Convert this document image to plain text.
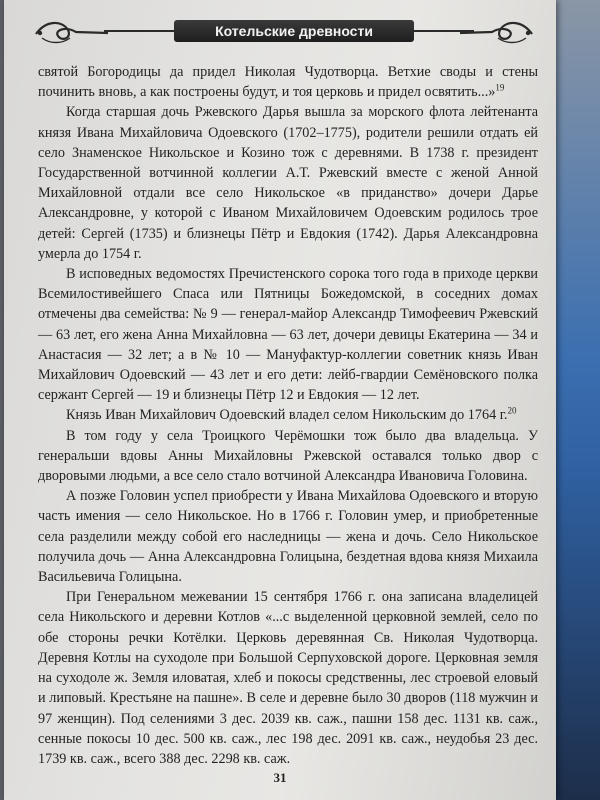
Котельские древности

святой Богородицы да придел Николая Чудотворца. Ветхие своды и стены починить вновь, а как построены будут, и тоя церковь и придел освятить...»$^{19}$

Когда старшая дочь Ржевского Дарья вышла за морского флота лейтенанта князя Ивана Михайловича Одоевского (1702–1775), родители решили отдать ей село Знаменское Никольское и Козино тож с деревнями. В 1738 г. президент Государственной вотчинной коллегии А.Т. Ржевский вместе с женой Анной Михайловной отдали все село Никольское «в приданство» дочери Дарье Александровне, у которой с Иваном Михайловичем Одоевским родилось трое детей: Сергей (1735) и близнецы Пётр и Евдокия (1742). Дарья Александровна умерла до 1754 г.

В исповедных ведомостях Пречистенского сорока того года в приходе церкви Всемилостивейшего Спаса или Пятницы Божедомской, в соседних домах отмечены два семейства: № 9 — генерал-майор Александр Тимофеевич Ржевский — 63 лет, его жена Анна Михайловна — 63 лет, дочери девицы Екатерина — 34 и Анастасия — 32 лет; а в № 10 — Мануфактур-коллегии советник князь Иван Михайлович Одоевский — 43 лет и его дети: лейб-гвардии Семёновского полка сержант Сергей — 19 и близнецы Пётр 12 и Евдокия — 12 лет.

Князь Иван Михайлович Одоевский владел селом Никольским до 1764 г.$^{20}$

В том году у села Троицкого Черёмошки тож было два владельца. У генеральши вдовы Анны Михайловны Ржевской оставался только двор с дворовыми людьми, а все село стало вотчиной Александра Ивановича Головина.

А позже Головин успел приобрести у Ивана Михайлова Одоевского и вторую часть имения — село Никольское. Но в 1766 г. Головин умер, и приобретенные села разделили между собой его наследницы — жена и дочь. Село Никольское получила дочь — Анна Александровна Голицына, бездетная вдова князя Михаила Васильевича Голицына.

При Генеральном межевании 15 сентября 1766 г. она записана владелицей села Никольского и деревни Котлов «...с выделенной церковной землей, село по обе стороны речки Котёлки. Церковь деревянная Св. Николая Чудотворца. Деревня Котлы на суходоле при Большой Серпуховской дороге. Церковная земля на суходоле ж. Земля иловатая, хлеб и покосы средственны, лес строевой еловый и липовый. Крестьяне на пашне». В селе и деревне было 30 дворов (118 мужчин и 97 женщин). Под селениями 3 дес. 2039 кв. саж., пашни 158 дес. 1131 кв. саж., сенные покосы 10 дес. 500 кв. саж., лес 198 дес. 2091 кв. саж., неудобья 23 дес. 1739 кв. саж., всего 388 дес. 2298 кв. саж.

31
